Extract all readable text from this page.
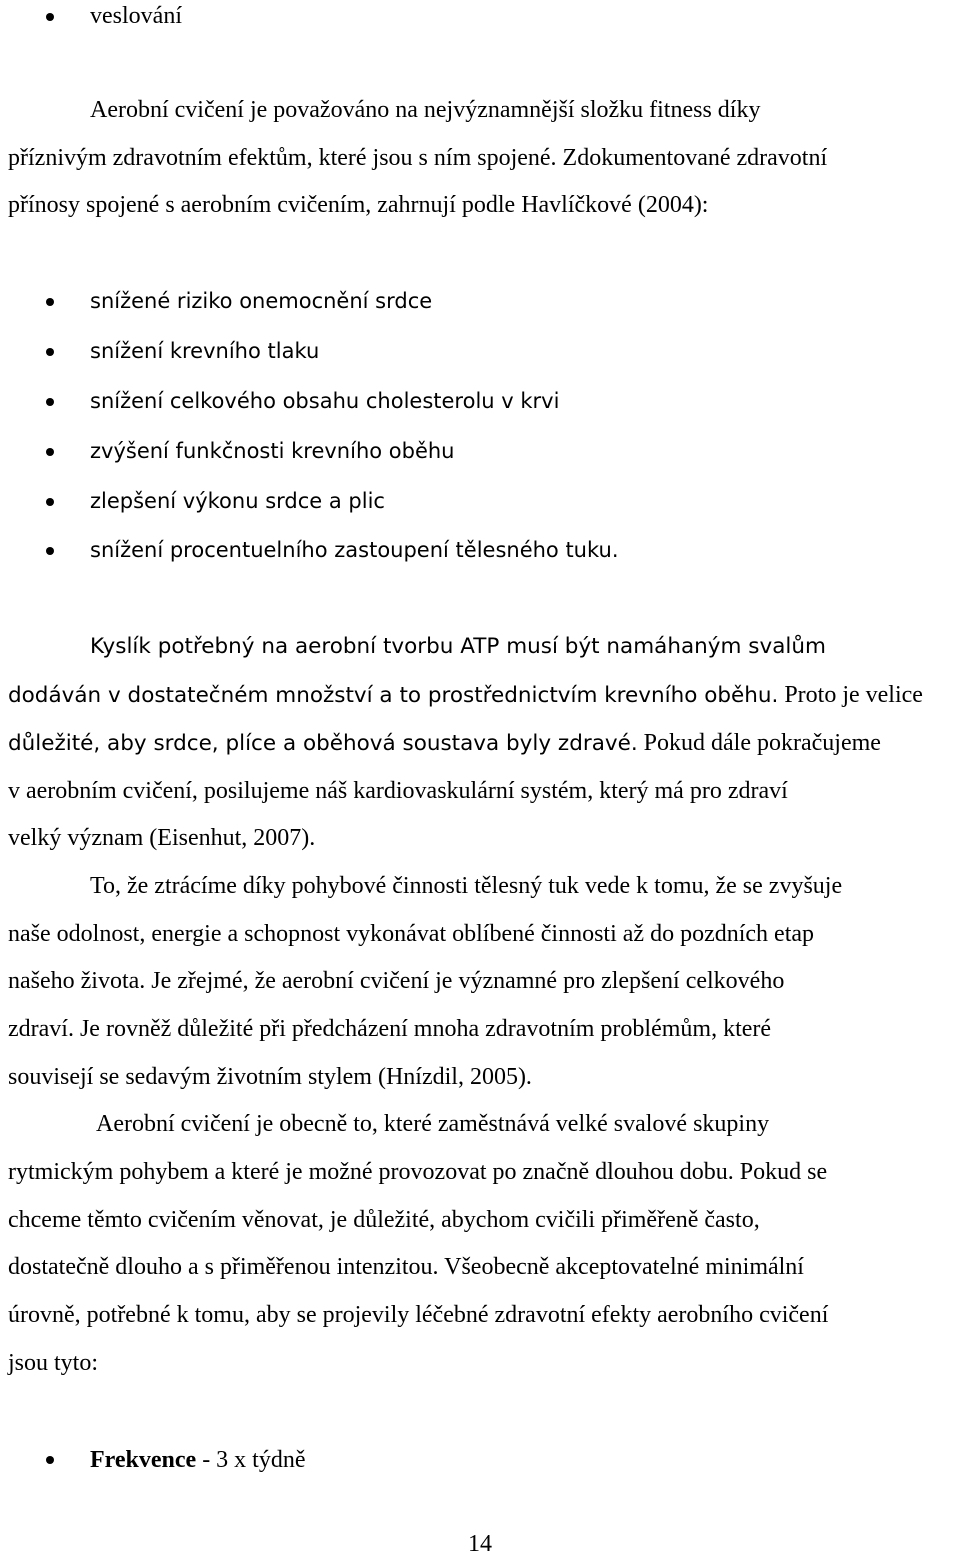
veslování
Aerobní cvičení je považováno na nejvýznamnější složku fitness díky
příznivým zdravotním efektům, které jsou s ním spojené. Zdokumentované zdravotní
přínosy spojené s aerobním cvičením, zahrnují podle Havlíčkové (2004):
snížené riziko onemocnění srdce
snížení krevního tlaku
snížení celkového obsahu cholesterolu v krvi
zvýšení funkčnosti krevního oběhu
zlepšení výkonu srdce a plic
snížení procentuelního zastoupení tělesného tuku.
Kyslík potřebný na aerobní tvorbu ATP musí být namáhaným svalům
dodáván v dostatečném množství a to prostřednictvím krevního oběhu. Proto je velice
důležité, aby srdce, plíce a oběhová soustava byly zdravé. Pokud dále pokračujeme
v aerobním cvičení, posilujeme náš kardiovaskulární systém, který má pro zdraví
velký význam (Eisenhut, 2007).
To, že ztrácíme díky pohybové činnosti tělesný tuk vede k tomu, že se zvyšuje
naše odolnost, energie a schopnost vykonávat oblíbené činnosti až do pozdních etap
našeho života. Je zřejmé, že aerobní cvičení je významné pro zlepšení celkového
zdraví. Je rovněž důležité při předcházení mnoha zdravotním problémům, které
souvisejí se sedavým životním stylem (Hnízdil, 2005).
Aerobní cvičení je obecně to, které zaměstnává velké svalové skupiny
rytmickým pohybem a které je možné provozovat po značně dlouhou dobu. Pokud se
chceme těmto cvičením věnovat, je důležité, abychom cvičili přiměřeně často,
dostatečně dlouho a s přiměřenou intenzitou. Všeobecně akceptovatelné minimální
úrovně, potřebné k tomu, aby se projevily léčebné zdravotní efekty aerobního cvičení
jsou tyto:
Frekvence - 3 x týdně
14
